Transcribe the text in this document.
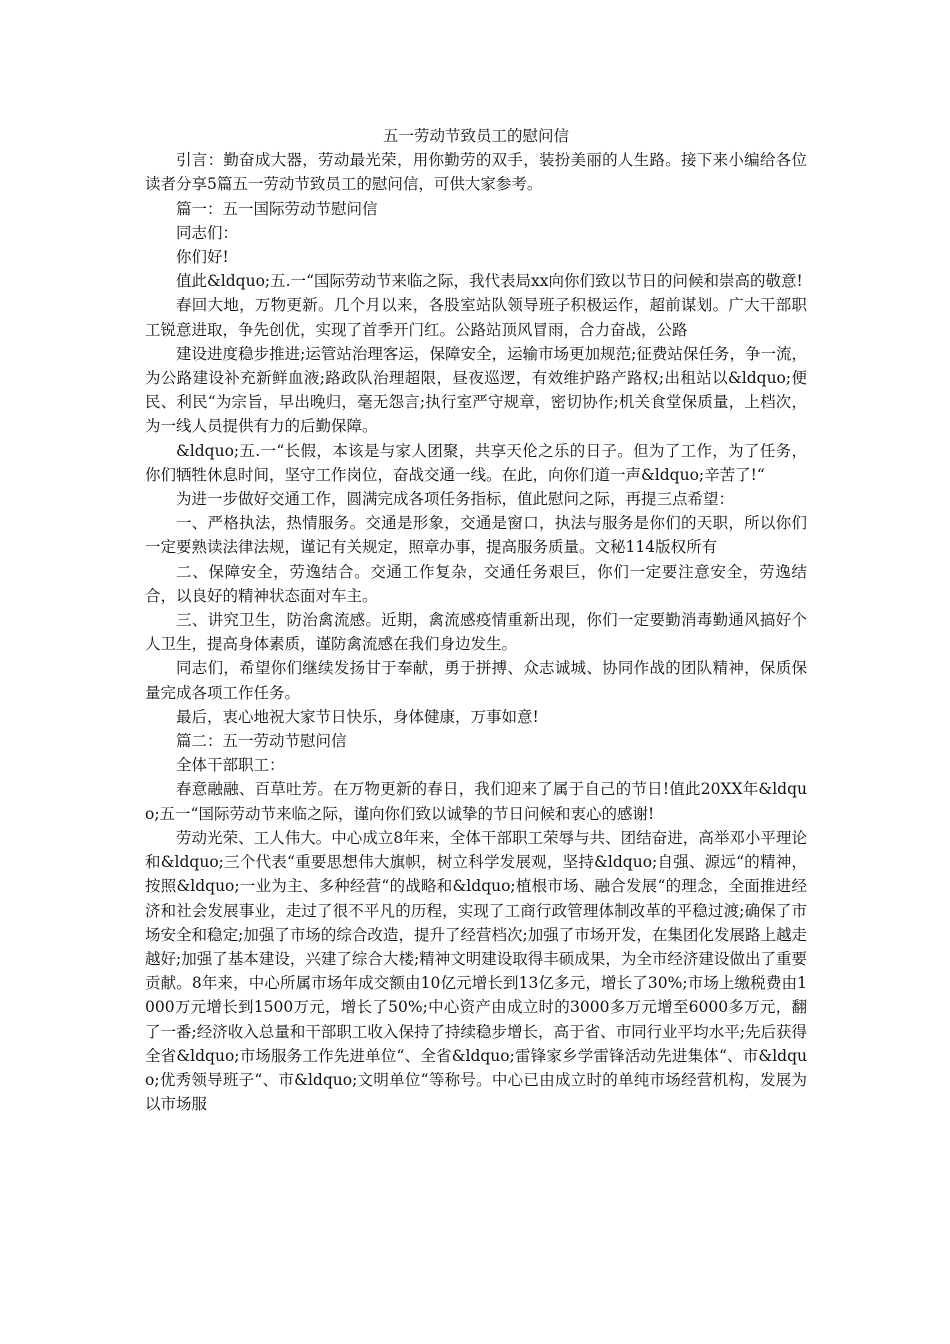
五一劳动节致员工的慰问信

引言：勤奋成大器，劳动最光荣，用你勤劳的双手，装扮美丽的人生路。接下来小编给各位读者分享5篇五一劳动节致员工的慰问信，可供大家参考。

篇一：五一国际劳动节慰问信

同志们：

你们好!

值此&ldquo;五.一“国际劳动节来临之际，我代表局xx向你们致以节日的问候和崇高的敬意!

春回大地，万物更新。几个月以来，各股室站队领导班子积极运作，超前谋划。广大干部职工锐意进取，争先创优，实现了首季开门红。公路站顶风冒雨，合力奋战，公路

建设进度稳步推进;运管站治理客运，保障安全，运输市场更加规范;征费站保任务，争一流，为公路建设补充新鲜血液;路政队治理超限，昼夜巡逻，有效维护路产路权;出租站以&ldquo;便民、利民“为宗旨，早出晚归，毫无怨言;执行室严守规章，密切协作;机关食堂保质量，上档次，为一线人员提供有力的后勤保障。

&ldquo;五.一“长假，本该是与家人团聚，共享天伦之乐的日子。但为了工作，为了任务，你们牺牲休息时间，坚守工作岗位，奋战交通一线。在此，向你们道一声&ldquo;辛苦了!“

为进一步做好交通工作，圆满完成各项任务指标，值此慰问之际，再提三点希望：

一、严格执法，热情服务。交通是形象，交通是窗口，执法与服务是你们的天职，所以你们一定要熟读法律法规，谨记有关规定，照章办事，提高服务质量。文秘114版权所有

二、保障安全，劳逸结合。交通工作复杂，交通任务艰巨，你们一定要注意安全，劳逸结合，以良好的精神状态面对车主。

三、讲究卫生，防治禽流感。近期，禽流感疫情重新出现，你们一定要勤消毒勤通风搞好个人卫生，提高身体素质，谨防禽流感在我们身边发生。

同志们，希望你们继续发扬甘于奉献，勇于拼搏、众志诚城、协同作战的团队精神，保质保量完成各项工作任务。

最后，衷心地祝大家节日快乐，身体健康，万事如意!

篇二：五一劳动节慰问信

全体干部职工：

春意融融、百草吐芳。在万物更新的春日，我们迎来了属于自己的节日!值此20XX年&ldquo;五一“国际劳动节来临之际，谨向你们致以诚挚的节日问候和衷心的感谢!

劳动光荣、工人伟大。中心成立8年来，全体干部职工荣辱与共、团结奋进，高举邓小平理论和&ldquo;三个代表“重要思想伟大旗帜，树立科学发展观，坚持&ldquo;自强、源远“的精神，按照&ldquo;一业为主、多种经营“的战略和&ldquo;植根市场、融合发展“的理念，全面推进经济和社会发展事业，走过了很不平凡的历程，实现了工商行政管理体制改革的平稳过渡;确保了市场安全和稳定;加强了市场的综合改造，提升了经营档次;加强了市场开发，在集团化发展路上越走越好;加强了基本建设，兴建了综合大楼;精神文明建设取得丰硕成果，为全市经济建设做出了重要贡献。8年来，中心所属市场年成交额由10亿元增长到13亿多元，增长了30%;市场上缴税费由1000万元增长到1500万元，增长了50%;中心资产由成立时的3000多万元增至6000多万元，翻了一番;经济收入总量和干部职工收入保持了持续稳步增长，高于省、市同行业平均水平;先后获得全省&ldquo;市场服务工作先进单位“、全省&ldquo;雷锋家乡学雷锋活动先进集体“、市&ldquo;优秀领导班子“、市&ldquo;文明单位“等称号。中心已由成立时的单纯市场经营机构，发展为以市场服
